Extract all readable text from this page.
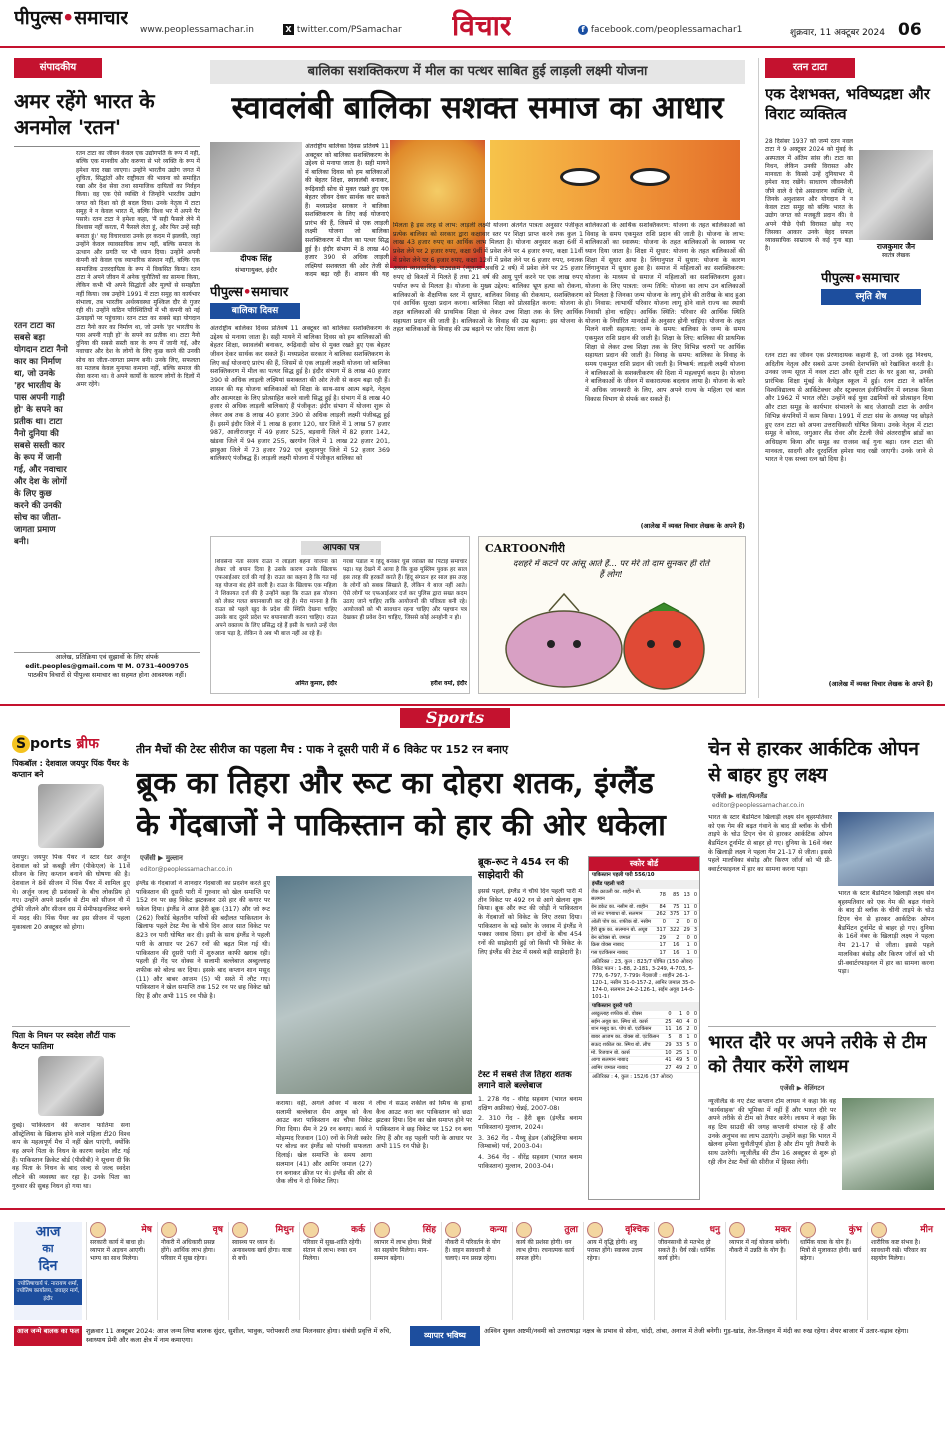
पीपुल्स•समाचार
www.peoplessamachar.in	X twitter.com/PSamachar	विचार	f facebook.com/peoplessamachar1	शुक्रवार, 11 अक्टूबर 2024 06
संपादकीय
अमर रहेंगे भारत के अनमोल 'रतन'
रतन टाटा का सबसे बड़ा योगदान टाटा नैनो कार का निर्माण था, जो उनके 'हर भारतीय के पास अपनी गाड़ी हो' के सपने का प्रतीक था। टाटा नैनो दुनिया की सबसे सस्ती कार के रूप में जानी गई, और नवाचार और देश के लोगों के लिए कुछ करने की उनकी सोच का जीता-जागता प्रमाण बनी।
रतन टाटा का जीवन केवल एक उद्योगपति के रूप में नहीं, बल्कि एक मानवीय और करुणा से भरे व्यक्ति के रूप में हमेशा याद रखा जाएगा। उन्होंने भारतीय उद्योग जगत में शुचिता, सिद्धांतों और राष्ट्रीयता की भावना को समाहित रखा और देश सेवा तथा सामाजिक दायित्वों का निर्वहन किया। वह एक ऐसे व्यक्ति थे जिन्होंने भारतीय उद्योग जगत को दिशा को ही बदल दिया। उनके नेतृत्व में टाटा समूह ने न केवल भारत में, बल्कि विश्व भर में अपने पैर पसारे। रतन टाटा ने हमेशा कहा, 'मैं सही फैसले लेने में विश्वास नहीं करता, मैं फैसले लेता हूं, और फिर उन्हें सही बनाता हूं।' यह विचारधारा उनके हर कदम में झलकी, जहां उन्होंने केवल व्यावसायिक लाभ नहीं, बल्कि समाज के उत्थान और प्रगति पर भी ध्यान दिया। उन्होंने अपनी कंपनी को केवल एक व्यापारिक संस्थान नहीं, बल्कि एक सामाजिक उत्तरदायित्व के रूप में विकसित किया। रतन टाटा ने अपने जीवन में अनेक चुनौतियों का सामना किया, लेकिन कभी भी अपने सिद्धांतों और मूल्यों से समझौता नहीं किया। जब उन्होंने 1991 में टाटा समूह का कार्यभार संभाला, तब भारतीय अर्थव्यवस्था मुश्किल दौर से गुजर रही थी। उन्होंने कठिन परिस्थितियों में भी कंपनी को नई ऊंचाइयों पर पहुंचाया। रतन टाटा का सबसे बड़ा योगदान टाटा नैनो कार का निर्माण था, जो उनके 'हर भारतीय के पास अपनी गाड़ी हो' के सपने का प्रतीक था। टाटा नैनो दुनिया की सबसे सस्ती कार के रूप में जानी गई, और नवाचार और देश के लोगों के लिए कुछ करने की उनकी सोच का जीता-जागता प्रमाण बनी। उनके लिए, सफलता का मतलब केवल मुनाफा कमाना नहीं, बल्कि समाज की सेवा करना था। वे अपने कार्यों के कारण लोगों के दिलों में अमर रहेंगे।
आलेख, प्रतिक्रिया एवं सुझावों के लिए संपर्क
edit.peoples@gmail.com या M. 0731-4009705
पाठकीय विचारों से पीपुल्स समाचार का सहमत होना आवश्यक नहीं।
बालिका सशक्तिकरण में मील का पत्थर साबित हुई लाड़ली लक्ष्मी योजना
स्वावलंबी बालिका सशक्त समाज का आधार
दीपक सिंह
संभागायुक्त, इंदौर
पीपुल्स•समाचार
बालिका दिवस
अंतर्राष्ट्रीय बालिका दिवस प्रतिवर्ष 11 अक्टूबर को बालिका सशक्तिकरण के उद्देश्य से मनाया जाता है। सही मायने में बालिका दिवस को हम बालिकाओं की बेहतर शिक्षा, स्वावलंबी बनाकर, रूढ़िवादी सोच से मुक्त रखते हुए एक बेहतर जीवन देकर सार्थक कर सकते हैं। मध्यप्रदेश सरकार ने बालिका सशक्तिकरण के लिए कई योजनाएं प्रारंभ की हैं, जिसमें से एक लाड़ली लक्ष्मी योजना जो बालिका सशक्तिकरण में मील का पत्थर सिद्ध हुई है। इंदौर संभाग में 8 लाख 40 हजार 390 से अधिक लाड़ली लक्ष्मियां सशक्तता की ओर तेजी से कदम बढ़ा रही हैं। शासन की यह
अंतर्राष्ट्रीय बालिका दिवस प्रतिवर्ष 11 अक्टूबर को बालिका सशक्तिकरण के उद्देश्य से मनाया जाता है। सही मायने में बालिका दिवस को हम बालिकाओं की बेहतर शिक्षा, स्वावलंबी बनाकर, रूढ़िवादी सोच से मुक्त रखते हुए एक बेहतर जीवन देकर सार्थक कर सकते हैं। मध्यप्रदेश सरकार ने बालिका सशक्तिकरण के लिए कई योजनाएं प्रारंभ की हैं, जिसमें से एक लाड़ली लक्ष्मी योजना जो बालिका सशक्तिकरण में मील का पत्थर सिद्ध हुई है। इंदौर संभाग में 8 लाख 40 हजार 390 से अधिक लाड़ली लक्ष्मियां सशक्तता की ओर तेजी से कदम बढ़ा रही हैं। शासन की यह योजना बालिकाओं को शिक्षा के साथ-साथ आत्म बढ़ने, नेतृत्व और आत्मरक्षा के लिए प्रोत्साहित करने वाली सिद्ध हुई है। संभाग में 8 लाख 40 हजार से अधिक लाड़ली बालिकाएं हैं पंजीकृत: इंदौर संभाग में योजना शुरू से लेकर अब तक 8 लाख 40 हजार 390 से अधिक लाड़ली लक्ष्मी पंजीबद्ध हुई हैं। इसमें इंदौर जिले में 1 लाख 8 हजार 120, धार जिले में 1 लाख 57 हजार 987, आलीराजपुर में 49 हजार 525, बड़वानी जिले में 82 हजार 142, खंडवा जिले में 94 हजार 255, खरगोन जिले में 1 लाख 22 हजार 201, झाबुआ जिले में 73 हजार 792 एवं बुरहानपुर जिले में 52 हजार 369 बालिकाएं पंजीबद्ध हैं। लाड़ली लक्ष्मी योजना में पंजीकृत बालिका को
मिलता है इस तरह से लाभ: लाड़ली लक्ष्मी योजना अंतर्गत पात्रता अनुसार पंजीकृत प्रत्येक बालिका को सरकार द्वारा कक्षावार स्तर पर शिक्षा प्राप्त करने तक कुल 1 लाख 43 हजार रुपए का आर्थिक लाभ मिलता है। योजना अनुसार कक्षा 6वीं में प्रवेश लेने पर 2 हजार रुपए, कक्षा 9वीं में प्रवेश लेने पर 4 हजार रुपए, कक्षा 11वीं में प्रवेश लेने पर 6 हजार रुपए, कक्षा 12वीं में प्रवेश लेने पर 6 हजार रुपए, स्नातक अथवा व्यावसायिक पाठ्यक्रम (न्यूनतम अवधि 2 वर्ष) में प्रवेश लेने पर 25 हजार रुपए दो किश्तों में मिलते हैं तथा 21 वर्ष की आयु पूर्ण करने पर एक लाख रुपए पर्याप्त रूप से मिलता है। योजना के मुख्य उद्देश्य: बालिका भ्रूण हत्या को रोकना, बालिकाओं के शैक्षणिक स्तर में सुधार, बालिका विवाह की रोकथाम, सशक्तिकरण एवं आर्थिक सुरक्षा प्रदान करना। बालिका शिक्षा को प्रोत्साहित करना: योजना के तहत बालिकाओं की प्राथमिक शिक्षा से लेकर उच्च शिक्षा तक के लिए आर्थिक सहायता प्रदान की जाती है। बालिकाओं के विवाह की उम्र बढ़ाना: इस योजना के तहत बालिकाओं के विवाह की उम्र बढ़ाने पर जोर दिया जाता है।
बालिकाओं के आर्थिक सशक्तिकरण: योजना के तहत बालिकाओं को विवाह के समय एकमुश्त राशि प्रदान की जाती है। योजना के लाभ: बालिकाओं का स्वास्थ्य: योजना के तहत बालिकाओं के स्वास्थ्य पर ध्यान दिया जाता है। शिक्षा में सुधार: योजना के तहत बालिकाओं की शिक्षा में सुधार आया है। लिंगानुपात में सुधार: योजना के कारण लिंगानुपात में सुधार हुआ है। समाज में महिलाओं का सशक्तिकरण: योजना के माध्यम से समाज में महिलाओं का सशक्तिकरण हुआ। योजना के लिए पात्रता: जन्म तिथि: योजना का लाभ उन बालिकाओं को मिलता है जिनका जन्म योजना के लागू होने की तारीख के बाद हुआ हो। निवास: लाभार्थी परिवार योजना लागू होने वाले राज्य का स्थायी निवासी होना चाहिए। आर्थिक स्थिति: परिवार की आर्थिक स्थिति योजना के निर्धारित मानदंडों के अनुसार होनी चाहिए। योजना के तहत मिलने वाली सहायता: जन्म के समय: बालिका के जन्म के समय एकमुश्त राशि प्रदान की जाती है। शिक्षा के लिए: बालिका की प्राथमिक शिक्षा से लेकर उच्च शिक्षा तक के लिए विभिन्न चरणों पर आर्थिक सहायता प्रदान की जाती है। विवाह के समय: बालिका के विवाह के समय एकमुश्त राशि प्रदान की जाती है। निष्कर्ष: लाड़ली लक्ष्मी योजना ने बालिकाओं के सशक्तीकरण की दिशा में महत्वपूर्ण कदम है। योजना ने बालिकाओं के जीवन में सकारात्मक बदलाव लाया है। योजना के बारे में अधिक जानकारी के लिए, आप अपने राज्य के महिला एवं बाल विकास विभाग से संपर्क कर सकते हैं।
(आलेख में व्यक्त विचार लेखक के अपने हैं)
आपका पत्र
शिवसेना नेता संजय राउत ने लाड़ली बहना योजना को लेकर जो बयान दिया है उसके कारण उनके खिलाफ एफआईआर दर्ज की गई है। राउत का कहना है कि गत मई यह योजना बंद होने वाली है। राउत के खिलाफ एक महिला ने शिकायत दर्ज की है उन्होंने कहा कि राउत इस योजना को लेकर गलत बयानबाजी कर रहे हैं। मेरा मानना है कि राउत को पहले खुद के प्रदेश की स्थिति देखना चाहिए उसके बाद दूसरे प्रदेश पर बयानबाजी करना चाहिए। राउत अपने वक्तव्य के लिए प्रसिद्ध रहे हैं इसी के चलते उन्हें जेल जाना पड़ा है, लेकिन वे अब भी बाज नहीं आ रहे हैं।
अमित कुमार, इंदौर
गरबा पंडाल में हिंदू बनकर घुसे व्यक्ति की पिटाई समाचार पढ़ा। यह देखने में आया है कि कुछ मुस्लिम युवक हर साल इस तरह की हरकतें करते हैं। हिंदू संगठन हर साल इस तरह के लोगों को सबक सिखाते हैं, लेकिन ये बाज नहीं आते। ऐसे लोगों पर एफआईआर दर्ज कर पुलिस द्वारा सख्त कदम उठाए जाने चाहिए ताकि आयोजनों की पवित्रता बनी रहे। आयोजकों को भी सावधान रहना चाहिए और पहचान पत्र देखकर ही प्रवेश देना चाहिए, जिससे कोई अनहोनी न हो।
हरीश वर्मा, इंदौर
CARTOONगीरी
दशहरे में कटने पर आंसू आते हैं... पर मेरे तो दाम सुनकर ही रोते हैं लोग!
रतन टाटा
एक देशभक्त, भविष्यद्रष्टा और विराट व्यक्तित्व
राजकुमार जैन
स्वतंत्र लेखक
पीपुल्स•समाचार
स्मृति शेष
28 दिसंबर 1937 को जन्मे रतन नवल टाटा ने 9 अक्टूबर 2024 को मुंबई के अस्पताल में अंतिम सांस ली। टाटा का निधन, लेकिन उनकी विरासत और मानवता के किस्से उन्हें दुनियाभर में हमेशा याद रखेंगे। साधारण जीवनशैली जीने वाले वे ऐसे असाधारण व्यक्ति थे, जिनके अनुशासन और योगदान ने न केवल टाटा समूह को बल्कि भारत के उद्योग जगत को मजबूती प्रदान की। वे अपने पीछे ऐसी विरासत छोड़ गए जिसका आकार उनके बेहद सफल व्यावसायिक साम्राज्य से कई गुना बड़ा है।
रतन टाटा का जीवन एक प्रेरणादायक कहानी है, जो उनके दृढ़ निश्चय, अदितीय नेतृत्व और सबसे ऊपर उनकी देशभक्ति को रेखांकित करती है। उनका जन्म सूरत में नवल टाटा और सूनी टाटा के घर हुआ था, उनकी प्रारंभिक शिक्षा मुंबई के कैथेड्रल स्कूल में हुई। रतन टाटा ने कॉर्नेल विश्वविद्यालय से आर्किटेक्चर और स्ट्रक्चरल इंजीनियरिंग में स्नातक किया और 1962 में भारत लौटे। उन्होंने कई युवा उद्यमियों को प्रोत्साहन दिया और टाटा समूह के कार्यभार संभालने के बाद जेआरडी टाटा के अधीन विभिन्न कंपनियों में काम किया। 1991 में टाटा संस के अध्यक्ष पद छोड़ते हुए रतन टाटा को अपना उत्तराधिकारी घोषित किया। उनके नेतृत्व में टाटा समूह ने कोरस, जगुआर लैंड रोवर और टेटली जैसे अंतरराष्ट्रीय ब्रांडों का अधिग्रहण किया और समूह का राजस्व कई गुना बढ़ा। रतन टाटा की मानवता, सादगी और दूरदर्शिता हमेशा याद रखी जाएगी। उनके जाने से भारत ने एक सच्चा रत्न खो दिया है।
(आलेख में व्यक्त विचार लेखक के अपने हैं)
Sports
S ports ब्रीफ
पिकबॉल : देशवाल जयपुर पिंक पैंथर के कप्तान बने
जयपुर। जयपुर पिंक पैंथर ने स्टार रेडर अर्जुन देशवाल को प्रो कबड्डी लीग (पीकेएल) के 11वें सीजन के लिए कप्तान बनाने की घोषणा की है। देशवाल ने 8वें सीजन में पिंक पैंथर में शामिल हुए थे। अर्जुन जल्द ही प्रशंसकों के बीच लोकप्रिय हो गए। उन्होंने अपने प्रदर्शन से टीम को सीजन नौ में ट्रॉफी जीतने और सीजन दस में सेमीफाइनलिस्ट बनने में मदद की। पिंक पैंथर का इस सीजन में पहला मुकाबला 20 अक्टूबर को होगा।
पिता के निधन पर स्वदेश लौटीं पाक कैप्टन फातिमा
दुबई। पाकिस्तान की कप्तान फातिमा सना ऑस्ट्रेलिया के खिलाफ होने वाले महिला टी20 विश्व कप के महत्वपूर्ण मैच में नहीं खेल पाएंगी, क्योंकि वह अपने पिता के निधन के कारण स्वदेश लौट गई हैं। पाकिस्तान क्रिकेट बोर्ड (पीसीबी) ने सूचना दी कि वह पिता के निधन के बाद जल्द से जल्द स्वदेश लौटने की व्यवस्था कर रहा है। उनके पिता का गुरुवार की सुबह निधन हो गया था।
तीन मैचों की टेस्ट सीरीज का पहला मैच : पाक ने दूसरी पारी में 6 विकेट पर 152 रन बनाए
ब्रूक का तिहरा और रूट का दोहरा शतक, इंग्लैंड
के गेंदबाजों ने पाकिस्तान को हार की ओर धकेला
एजेंसी ▶ मुल्तान
editor@peoplessamachar.co.in
इंग्लैंड के गेंदबाजों ने शानदार गेंदबाजी का प्रदर्शन करते हुए पाकिस्तान की दूसरी पारी में गुरुवार को खेल समाप्ति पर 152 रन पर छह विकेट झटककर उसे हार की कगार पर धकेल दिया। इंग्लैंड ने आज हैरी ब्रूक (317) और जो रूट (262) रिकॉर्ड बेहतरीन पारियों की बदौलत पाकिस्तान के खिलाफ पहले टेस्ट मैच के चौथे दिन आज सात विकेट पर 823 रन पारी घोषित कर दी। इसी के साथ इंग्लैंड ने पहली पारी के आधार पर 267 रनों की बढ़त मिल गई थी। पाकिस्तान की दूसरी पारी में शुरुआत काफी खराब रही। पहली ही गेंद पर वोक्स ने सलामी बल्लेबाज अब्दुल्लाह शफीक को बोल्ड कर दिया। इसके बाद कप्तान शान मसूद (11) और बाबर आजम (5) भी सस्ते में लौट गए। पाकिस्तान ने खेल समाप्ति तक 152 रन पर छह विकेट खो दिए हैं और अभी 115 रन पीछे है।
कराया। वहीं, अगले ओवर में करस ने सलामी बल्लेबाज सैम अयूब को कैच आउट करा पाकिस्तान का चौथा विकेट गिरा दिया। सैम ने 29 रन बनाए। कार्स ने मोहम्मद रिजवान (10) रनों के निजी स्कोर पर बोल्ड कर इंग्लैंड को पांचवी सफलता दिलाई। खेल समाप्ति के समय आगा सलमान (41) और आमिर जमाल (27) रन बनाकर क्रीज पर थे। इंग्लैंड की ओर से जैक लीच ने दो विकेट लिए।
लीच ने सऊद शकील को स्मिथ के हाथों कैच आउट करा कर पाकिस्तान को छठा झटका दिया। दिन का खेल समाप्त होने पर पाकिस्तान ने छह विकेट पर 152 रन बना लिए हैं और वह पहली पारी के आधार पर अभी 115 रन पीछे है।
ब्रूक-रूट ने 454 रन की साझेदारी की
इससे पहले, इंग्लैंड ने चौथे दिन पहली पारी में तीन विकेट पर 492 रन से आगे खेलना शुरू किया। ब्रूक और रूट की जोड़ी ने पाकिस्तान के गेंदबाजों को विकेट के लिए तरसा दिया। पाकिस्तान के बड़े स्कोर के जवाब में इंग्लैंड ने पक्का जवाब दिया। इन दोनों के बीच 454 रनों की साझेदारी हुई जो किसी भी विकेट के लिए इंग्लैंड की टेस्ट में सबसे बड़ी साझेदारी है।
टेस्ट में सबसे तेज तिहरा शतक लगाने वाले बल्लेबाज
1. 278 गेंद - वीरेंद्र सहवाग (भारत बनाम दक्षिण अफ्रीका) चेन्नई, 2007-08।
2. 310 गेंद - हैरी ब्रूक (इंग्लैंड बनाम पाकिस्तान) मुल्तान, 2024।
3. 362 गेंद - मैथ्यू हेडन (ऑस्ट्रेलिया बनाम जिम्बाब्वे) पर्थ, 2003-04।
4. 364 गेंद - वीरेंद्र सहवाग (भारत बनाम पाकिस्तान) मुल्तान, 2003-04।
स्कोर बोर्ड
पाकिस्तान पहली पारी 556/10
इंग्लैंड पहली पारी
जैक क्राउली का. शाहीन बो. सलमान	78	85	13	0
बेन डकेट का. नसीम बो. शाहीन	84	75	11	0
जो रूट पगबाधा बो. सलमान	262	375	17	0
ओली पोप का. शफीक बो. नसीम	0	2	0	0
हैरी ब्रूक का. सलमान बो. अयूब	317	322	29	3
बेन स्टोक्स बो. जमाल	29	2	0	0
क्रिस वोक्स नाबाद	17	16	1	0
गस एटकिंसन नाबाद	17	16	1	0
अतिरिक्त : 23, कुल : 823/7 घोषित (150 ओवर) विकेट पतन : 1-88, 2-181, 3-249, 4-703, 5-779, 6-797, 7-799। गेंदबाजी : शाहीन 26-1-120-1, नसीम 31-0-157-2, आमिर जमाल 35-0-174-0, सलमान 24-2-126-1, सईम अयूब 14-0-101-1।
पाकिस्तान दूसरी पारी
अब्दुल्लाह शफीक बो. वोक्स	0	1	0	0
सईम अयूब का. स्मिथ बो. कार्स	25	40	4	0
शान मसूद का. पोप बो. एटकिंसन	11	16	2	0
बाबर आजम का. वोक्स बो. एटकिंसन	5	8	1	0
सऊद शकील का. स्मिथ बो. लीच	29	33	5	0
मो. रिजवान बो. कार्स	10	25	1	0
आगा सलमान नाबाद	41	49	5	0
आमिर जमाल नाबाद	27	49	2	0
अतिरिक्त : 4, कुल : 152/6 (37 ओवर)
चेन से हारकर आर्कटिक ओपन से बाहर हुए लक्ष्य
एजेंसी ▶ वांता/फिनलैंड
editor@peoplessamachar.co.in
भारत के स्टार बैडमिंटन खिलाड़ी लक्ष्य सेन बृहस्पतिवार को एक गेम की बढ़त गंवाने के बाद डी ब्लॉक के चीनी ताइपे के चोउ टिएन चेन से हारकर आर्कटिक ओपन बैडमिंटन टूर्नामेंट से बाहर हो गए। दुनिया के 16वें नंबर के खिलाड़ी लक्ष्य ने पहला गेम 21-17 से जीता। इससे पहले मालविका बंसोड़ और किरण जॉर्ज को भी प्री-क्वार्टरफाइनल में हार का सामना करना पड़ा।
भारत के स्टार बैडमिंटन खिलाड़ी लक्ष्य सेन बृहस्पतिवार को एक गेम की बढ़त गंवाने के बाद डी ब्लॉक के चीनी ताइपे के चोउ टिएन चेन से हारकर आर्कटिक ओपन बैडमिंटन टूर्नामेंट से बाहर हो गए। दुनिया के 16वें नंबर के खिलाड़ी लक्ष्य ने पहला गेम 21-17 से जीता। इससे पहले मालविका बंसोड़ और किरण जॉर्ज को भी प्री-क्वार्टरफाइनल में हार का सामना करना पड़ा।
भारत दौरे पर अपने तरीके से टीम को तैयार करेंगे लाथम
एजेंसी ▶ वेलिंगटन
न्यूजीलैंड के नए टेस्ट कप्तान टॉम लाथम ने कहा कि वह 'कार्यवाहक' की भूमिका में नहीं हैं और भारत दौरे पर अपने तरीके से टीम को तैयार करेंगे। लाथम ने कहा कि वह टिम साउदी की जगह कप्तानी संभाल रहे हैं और उनके अनुभव का लाभ उठाएंगे। उन्होंने कहा कि भारत में खेलना हमेशा चुनौतीपूर्ण होता है और टीम पूरी तैयारी के साथ उतरेगी। न्यूजीलैंड की टीम 16 अक्टूबर से शुरू हो रही तीन टेस्ट मैचों की सीरीज में हिस्सा लेगी।
आज
का
दिन
ज्योतिषाचार्य पं. नारायण शर्मा, ज्योतिष कार्यालय, जवाहर मार्ग, इंदौर
मेष
सरकारी कार्य में बाधा हो। व्यापार में अड़चन आएगी। भाग्य का साथ मिलेगा।
वृष
नौकरी में अधिकारी प्रसन्न होंगे। आर्थिक लाभ होगा। परिवार में सुख रहेगा।
मिथुन
स्वास्थ्य पर ध्यान दें। अनावश्यक खर्च होगा। यात्रा से बचें।
कर्क
परिवार में सुख-शांति रहेगी। संतान से लाभ। रुका धन मिलेगा।
सिंह
व्यापार में लाभ होगा। मित्रों का सहयोग मिलेगा। मान-सम्मान बढ़ेगा।
कन्या
नौकरी में परिवर्तन के योग हैं। वाहन सावधानी से चलाएं। मन प्रसन्न रहेगा।
तुला
कार्य की प्रशंसा होगी। धन लाभ होगा। रचनात्मक कार्य सफल होंगे।
वृश्चिक
आय में वृद्धि होगी। शत्रु परास्त होंगे। स्वास्थ्य उत्तम रहेगा।
धनु
जीवनसाथी से मतभेद हो सकते हैं। धैर्य रखें। धार्मिक कार्य होंगे।
मकर
व्यापार में नई योजना बनेगी। नौकरी में उन्नति के योग हैं।
कुंभ
धार्मिक यात्रा के योग हैं। मित्रों से मुलाकात होगी। खर्च बढ़ेगा।
मीन
शारीरिक कष्ट संभव है। सावधानी रखें। परिवार का सहयोग मिलेगा।
आज जन्मे बालक का फल	शुक्रवार 11 अक्टूबर 2024: आज जन्म लिया बालक सुंदर, सुशील, भावुक, परोपकारी तथा मिलनसार होगा। संबंधी प्रवृत्ति में रुचि, स्वाध्याय प्रेमी और कला क्षेत्र में नाम कमाएगा।
व्यापार भविष्य	अश्विन शुक्ल अष्टमी/नवमी को उत्तराषाढ़ा नक्षत्र के प्रभाव से सोना, चांदी, तांबा, अनाज में तेजी बनेगी। गुड़-खांड, तेल-तिलहन में मंदी का रुख रहेगा। शेयर बाजार में उतार-चढ़ाव रहेगा।
